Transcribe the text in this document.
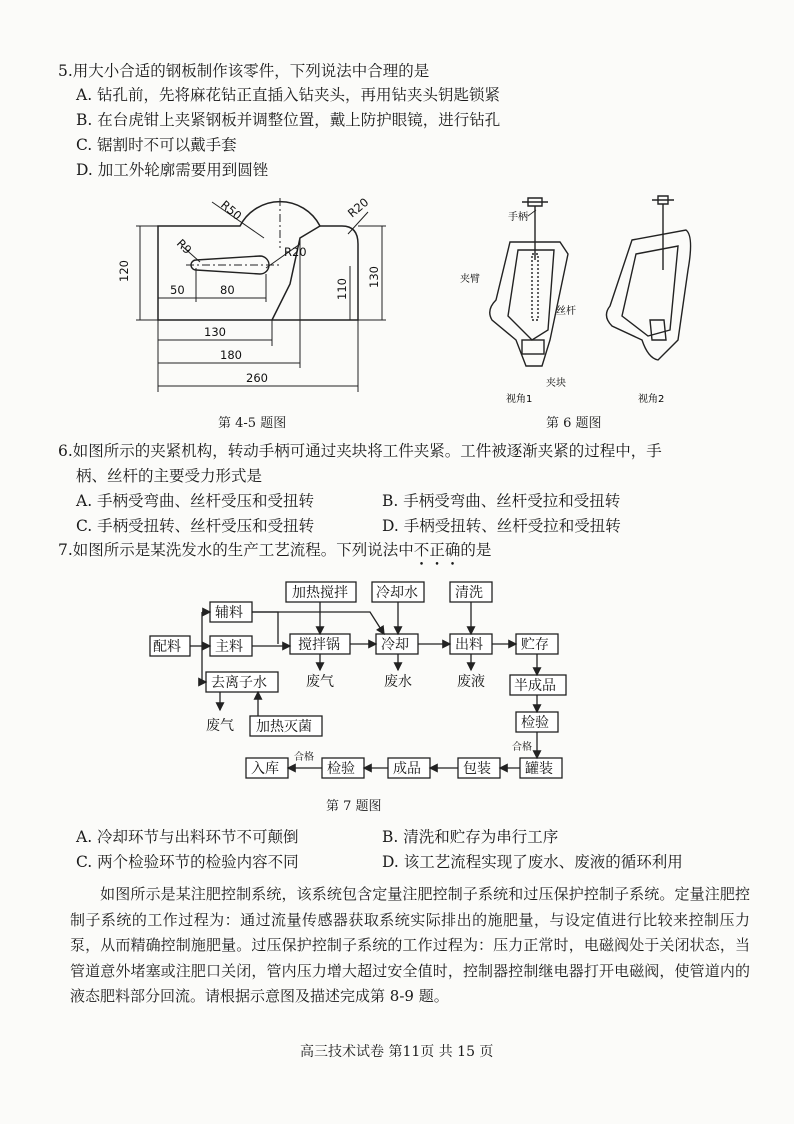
5.用大小合适的钢板制作该零件，下列说法中合理的是
A. 钻孔前，先将麻花钻正直插入钻夹头，再用钻夹头钥匙锁紧
B. 在台虎钳上夹紧钢板并调整位置，戴上防护眼镜，进行钻孔
C. 锯割时不可以戴手套
D. 加工外轮廓需要用到圆锉
R50	R20
R9	R20
120
110
130
50	80
130
180
260
第 4-5 题图
手柄
夹臂
丝杆
夹块
视角1	视角2
第 6 题图
6.如图所示的夹紧机构，转动手柄可通过夹块将工件夹紧。工件被逐渐夹紧的过程中，手
柄、丝杆的主要受力形式是
A. 手柄受弯曲、丝杆受压和受扭转	B. 手柄受弯曲、丝杆受拉和受扭转
C. 手柄受扭转、丝杆受压和受扭转	D. 手柄受扭转、丝杆受拉和受扭转
7.如图所示是某洗发水的生产工艺流程。下列说法中不正确的是
配料
辅料
主料
去离子水
加热搅拌 冷却水	清洗
搅拌锅	冷却	出料	贮存
废气	废水	废液
废气 加热灭菌
半成品
检验
合格
罐装
包装
成品
检验
合格
入库
第 7 题图
A. 冷却环节与出料环节不可颠倒	B. 清洗和贮存为串行工序
C. 两个检验环节的检验内容不同	D. 该工艺流程实现了废水、废液的循环利用
如图所示是某注肥控制系统，该系统包含定量注肥控制子系统和过压保护控制子系统。定量注肥控制子系统的工作过程为：通过流量传感器获取系统实际排出的施肥量，与设定值进行比较来控制压力泵，从而精确控制施肥量。过压保护控制子系统的工作过程为：压力正常时，电磁阀处于关闭状态，当管道意外堵塞或注肥口关闭，管内压力增大超过安全值时，控制器控制继电器打开电磁阀，使管道内的液态肥料部分回流。请根据示意图及描述完成第 8-9 题。
高三技术试卷 第11页 共 15 页
